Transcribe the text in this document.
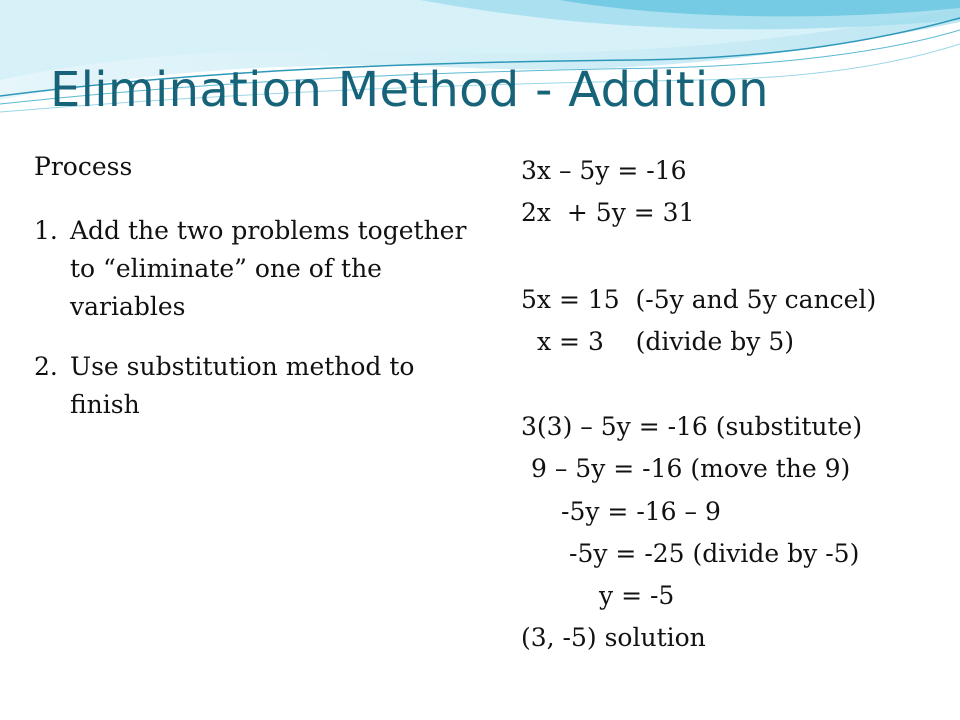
Elimination Method - Addition
Process
1. Add the two problems together to “eliminate” one of the variables
2. Use substitution method to finish
3x – 5y = -16
2x  + 5y = 31
5x = 15  (-5y and 5y cancel)
x = 3    (divide by 5)
3(3) – 5y = -16 (substitute)
9 – 5y = -16 (move the 9)
-5y = -16 – 9
-5y = -25 (divide by -5)
y = -5
(3, -5) solution
